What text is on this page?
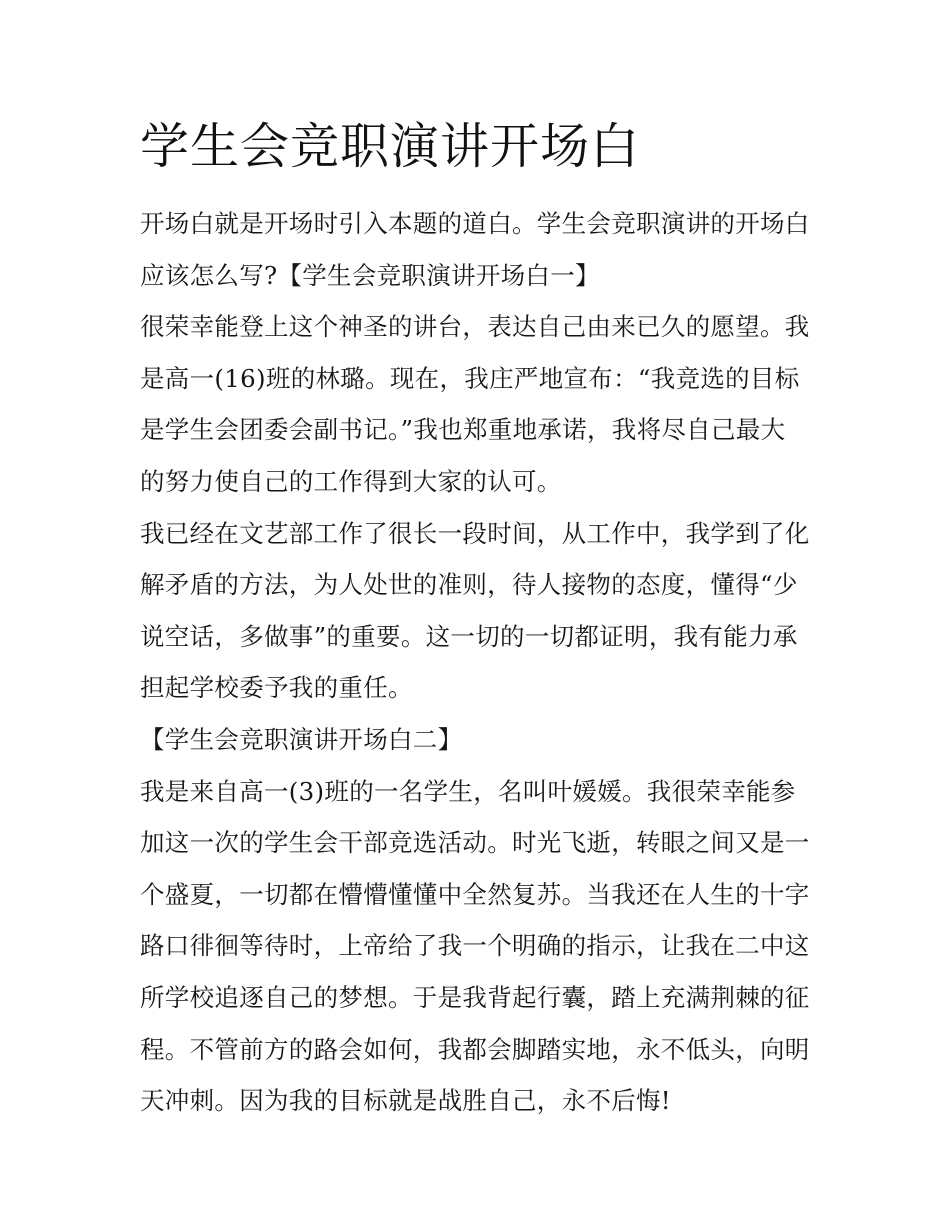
学生会竞职演讲开场白
开场白就是开场时引入本题的道白。学生会竞职演讲的开场白
应该怎么写?【学生会竞职演讲开场白一】
很荣幸能登上这个神圣的讲台，表达自己由来已久的愿望。我
是高一(16)班的林璐。现在，我庄严地宣布：“我竞选的目标
是学生会团委会副书记。”我也郑重地承诺，我将尽自己最大
的努力使自己的工作得到大家的认可。
我已经在文艺部工作了很长一段时间，从工作中，我学到了化
解矛盾的方法，为人处世的准则，待人接物的态度，懂得“少
说空话，多做事”的重要。这一切的一切都证明，我有能力承
担起学校委予我的重任。
【学生会竞职演讲开场白二】
我是来自高一(3)班的一名学生，名叫叶媛媛。我很荣幸能参
加这一次的学生会干部竞选活动。时光飞逝，转眼之间又是一
个盛夏，一切都在懵懵懂懂中全然复苏。当我还在人生的十字
路口徘徊等待时，上帝给了我一个明确的指示，让我在二中这
所学校追逐自己的梦想。于是我背起行囊，踏上充满荆棘的征
程。不管前方的路会如何，我都会脚踏实地，永不低头，向明
天冲刺。因为我的目标就是战胜自己，永不后悔!
